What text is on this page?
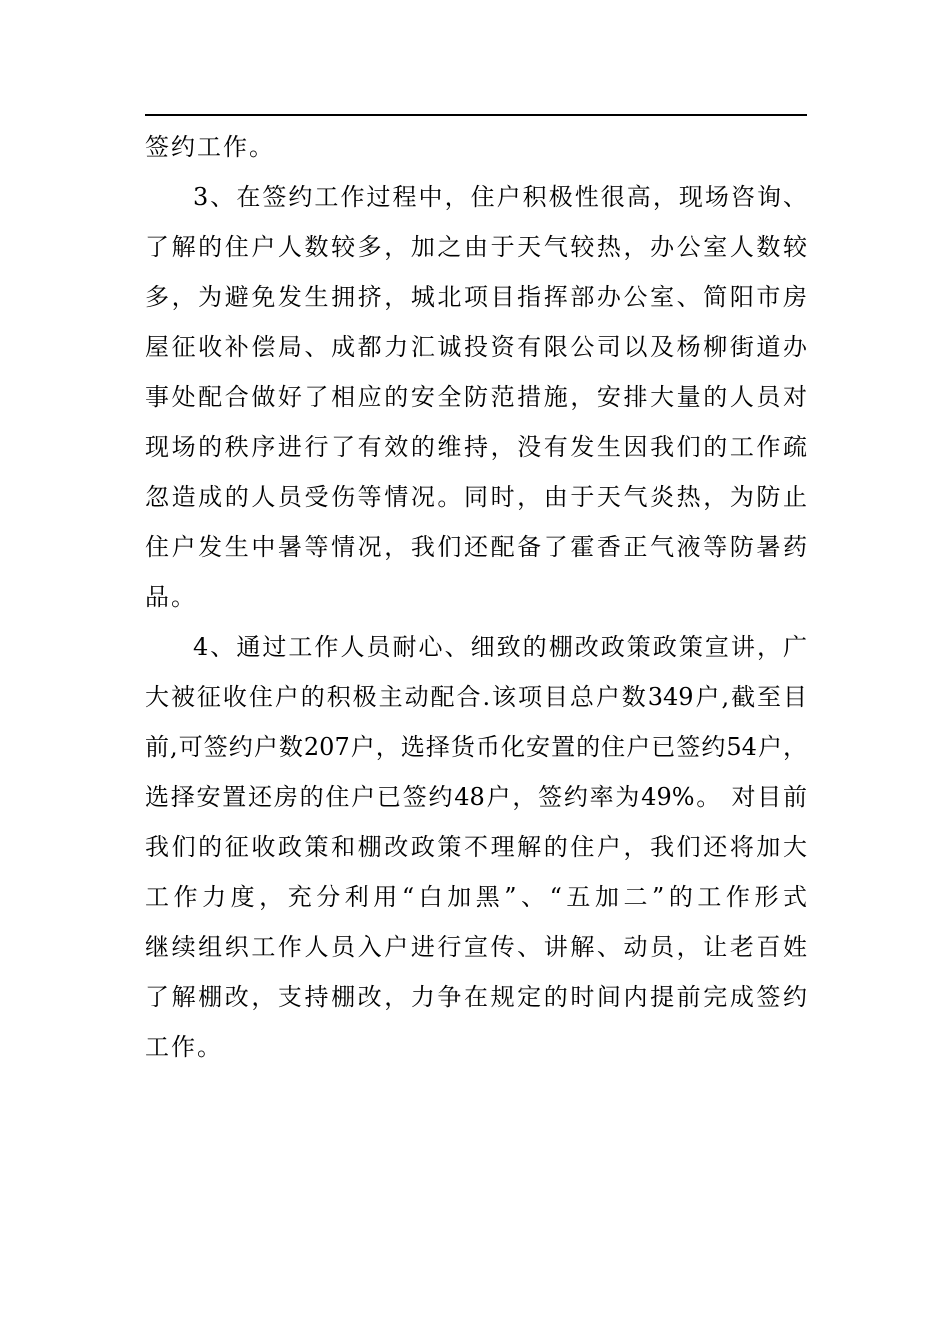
签约工作。
3、在签约工作过程中，住户积极性很高，现场咨询、
了解的住户人数较多，加之由于天气较热，办公室人数较
多，为避免发生拥挤，城北项目指挥部办公室、简阳市房
屋征收补偿局、成都力汇诚投资有限公司以及杨柳街道办
事处配合做好了相应的安全防范措施，安排大量的人员对
现场的秩序进行了有效的维持，没有发生因我们的工作疏
忽造成的人员受伤等情况。同时，由于天气炎热，为防止
住户发生中暑等情况，我们还配备了霍香正气液等防暑药
品。
4、通过工作人员耐心、细致的棚改政策政策宣讲，广
大被征收住户的积极主动配合.该项目总户数349户,截至目
前,可签约户数207户，选择货币化安置的住户已签约54户，
选择安置还房的住户已签约48户，签约率为49%。 对目前
我们的征收政策和棚改政策不理解的住户，我们还将加大
工作力度，充分利用“白加黑”、“五加二”的工作形式
继续组织工作人员入户进行宣传、讲解、动员，让老百姓
了解棚改，支持棚改，力争在规定的时间内提前完成签约
工作。
